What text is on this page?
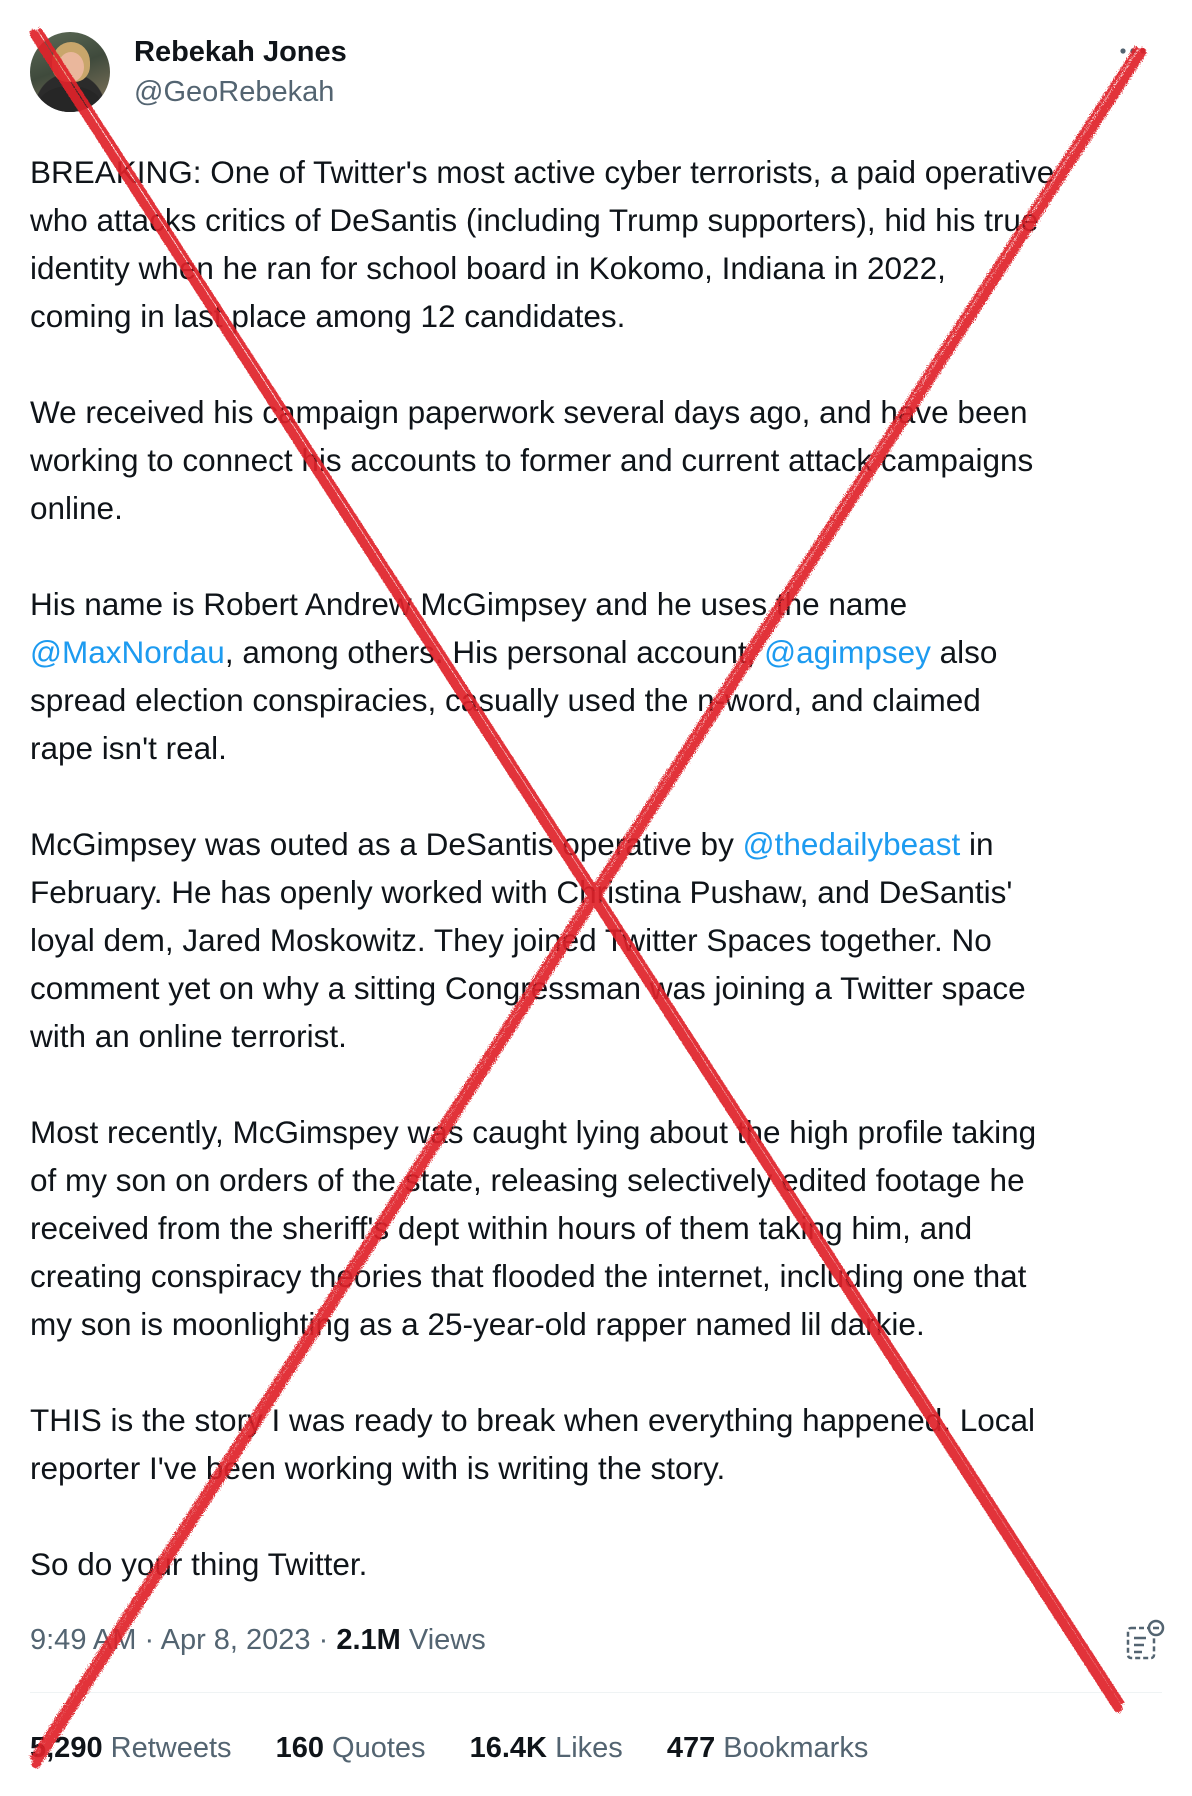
Rebekah Jones
@GeoRebekah
BREAKING: One of Twitter's most active cyber terrorists, a paid operative
who attacks critics of DeSantis (including Trump supporters), hid his true
identity when he ran for school board in Kokomo, Indiana in 2022,
coming in last place among 12 candidates.
We received his campaign paperwork several days ago, and have been
working to connect his accounts to former and current attack campaigns
online.
His name is Robert Andrew McGimpsey and he uses the name
@MaxNordau, among others. His personal account, @agimpsey also
spread election conspiracies, casually used the n-word, and claimed
rape isn't real.
McGimpsey was outed as a DeSantis operative by @thedailybeast in
February. He has openly worked with Christina Pushaw, and DeSantis'
loyal dem, Jared Moskowitz. They joined Twitter Spaces together. No
comment yet on why a sitting Congressman was joining a Twitter space
with an online terrorist.
Most recently, McGimspey was caught lying about the high profile taking
of my son on orders of the state, releasing selectively edited footage he
received from the sheriff's dept within hours of them taking him, and
creating conspiracy theories that flooded the internet, including one that
my son is moonlighting as a 25-year-old rapper named lil darkie.
THIS is the story I was ready to break when everything happened. Local
reporter I've been working with is writing the story.
So do your thing Twitter.
9:49 AM · Apr 8, 2023 · 2.1M Views
5,290 Retweets 160 Quotes 16.4K Likes 477 Bookmarks
